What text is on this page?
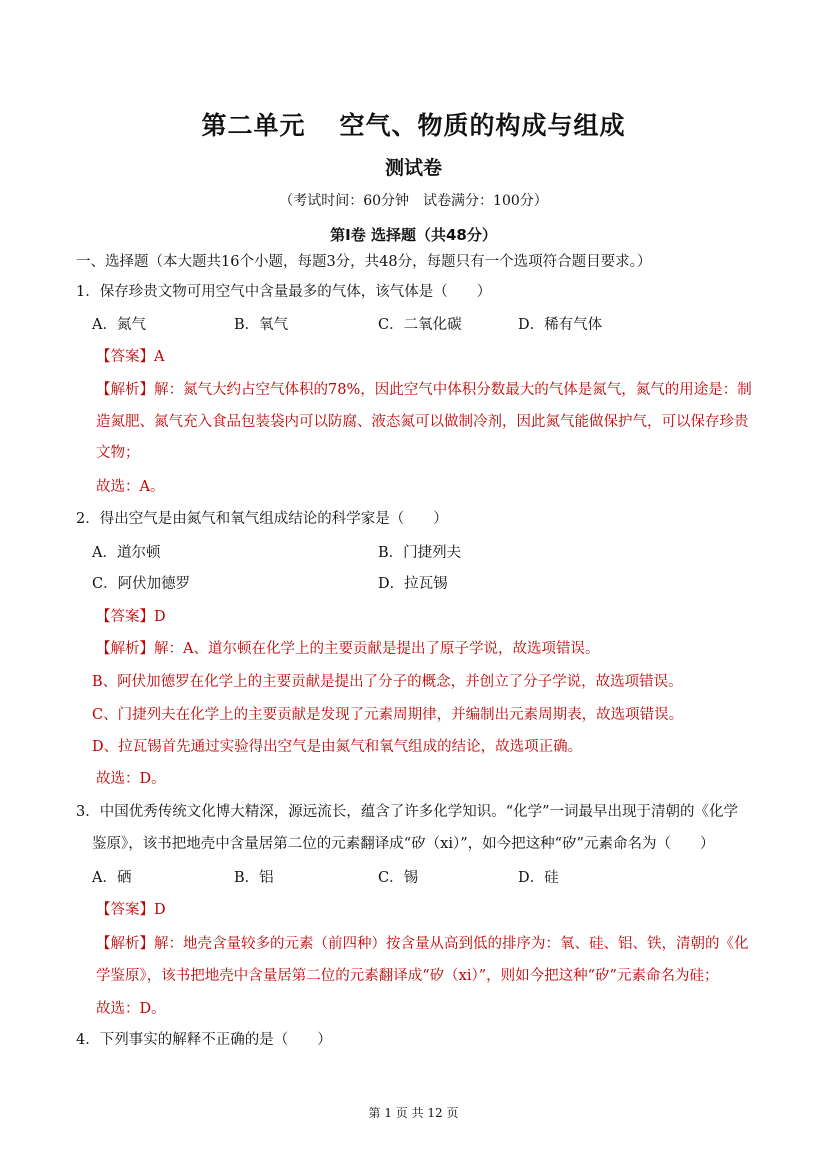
第二单元 空气、物质的构成与组成
测试卷
（考试时间：60分钟　试卷满分：100分）
第Ⅰ卷 选择题（共48分）
一、选择题（本大题共16个小题，每题3分，共48分，每题只有一个选项符合题目要求。）
1．保存珍贵文物可用空气中含量最多的气体，该气体是（　　）
A．氮气	B．氧气	C．二氧化碳	D．稀有气体
【答案】A
【解析】解：氮气大约占空气体积的78%，因此空气中体积分数最大的气体是氮气，氮气的用途是：制
造氮肥、氮气充入食品包装袋内可以防腐、液态氮可以做制冷剂，因此氮气能做保护气，可以保存珍贵
文物；
故选：A。
2．得出空气是由氮气和氧气组成结论的科学家是（　　）
A．道尔顿	B．门捷列夫
C．阿伏加德罗	D．拉瓦锡
【答案】D
【解析】解：A、道尔顿在化学上的主要贡献是提出了原子学说，故选项错误。
B、阿伏加德罗在化学上的主要贡献是提出了分子的概念，并创立了分子学说，故选项错误。
C、门捷列夫在化学上的主要贡献是发现了元素周期律，并编制出元素周期表，故选项错误。
D、拉瓦锡首先通过实验得出空气是由氮气和氧气组成的结论，故选项正确。
故选：D。
3．中国优秀传统文化博大精深，源远流长，蕴含了许多化学知识。“化学”一词最早出现于清朝的《化学
鉴原》，该书把地壳中含量居第二位的元素翻译成“矽（xi）”，如今把这种“矽”元素命名为（　　）
A．硒	B．铝	C．锡	D．硅
【答案】D
【解析】解：地壳含量较多的元素（前四种）按含量从高到低的排序为：氧、硅、铝、铁，清朝的《化
学鉴原》，该书把地壳中含量居第二位的元素翻译成“矽（xi）”，则如今把这种“矽”元素命名为硅；
故选：D。
4．下列事实的解释不正确的是（　　）
第 1 页 共 12 页
